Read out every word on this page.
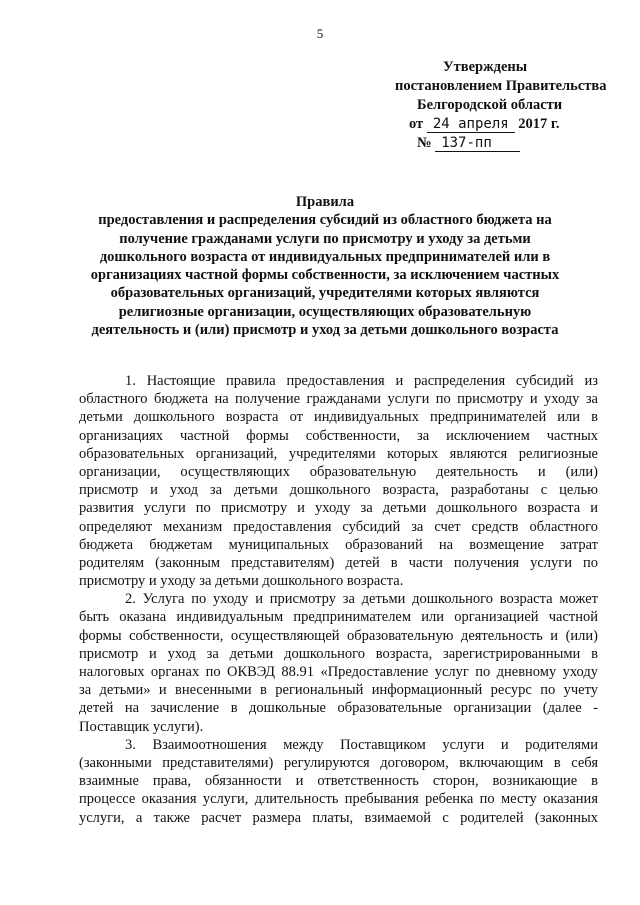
5
Утверждены
постановлением Правительства
Белгородской области
от 24 апреля 2017 г.
№ 137-пп
Правила
предоставления и распределения субсидий из областного бюджета на
получение гражданами услуги по присмотру и уходу за детьми
дошкольного возраста от индивидуальных предпринимателей или в
организациях частной формы собственности, за исключением частных
образовательных организаций, учредителями которых являются
религиозные организации, осуществляющих образовательную
деятельность и (или) присмотр и уход за детьми дошкольного возраста
1. Настоящие правила предоставления и распределения субсидий из
областного бюджета на получение гражданами услуги по присмотру и уходу за
детьми дошкольного возраста от индивидуальных предпринимателей или в
организациях частной формы собственности, за исключением частных
образовательных организаций, учредителями которых являются религиозные
организации, осуществляющих образовательную деятельность и (или)
присмотр и уход за детьми дошкольного возраста, разработаны с целью
развития услуги по присмотру и уходу за детьми дошкольного возраста и
определяют механизм предоставления субсидий за счет средств областного
бюджета бюджетам муниципальных образований на возмещение затрат
родителям (законным представителям) детей в части получения услуги по
присмотру и уходу за детьми дошкольного возраста.
2. Услуга по уходу и присмотру за детьми дошкольного возраста может
быть оказана индивидуальным предпринимателем или организацией частной
формы собственности, осуществляющей образовательную деятельность и (или)
присмотр и уход за детьми дошкольного возраста, зарегистрированными в
налоговых органах по ОКВЭД 88.91 «Предоставление услуг по дневному уходу
за детьми» и внесенными в региональный информационный ресурс по учету
детей на зачисление в дошкольные образовательные организации (далее -
Поставщик услуги).
3. Взаимоотношения между Поставщиком услуги и родителями
(законными представителями) регулируются договором, включающим в себя
взаимные права, обязанности и ответственность сторон, возникающие в
процессе оказания услуги, длительность пребывания ребенка по месту оказания
услуги, а также расчет размера платы, взимаемой с родителей (законных
